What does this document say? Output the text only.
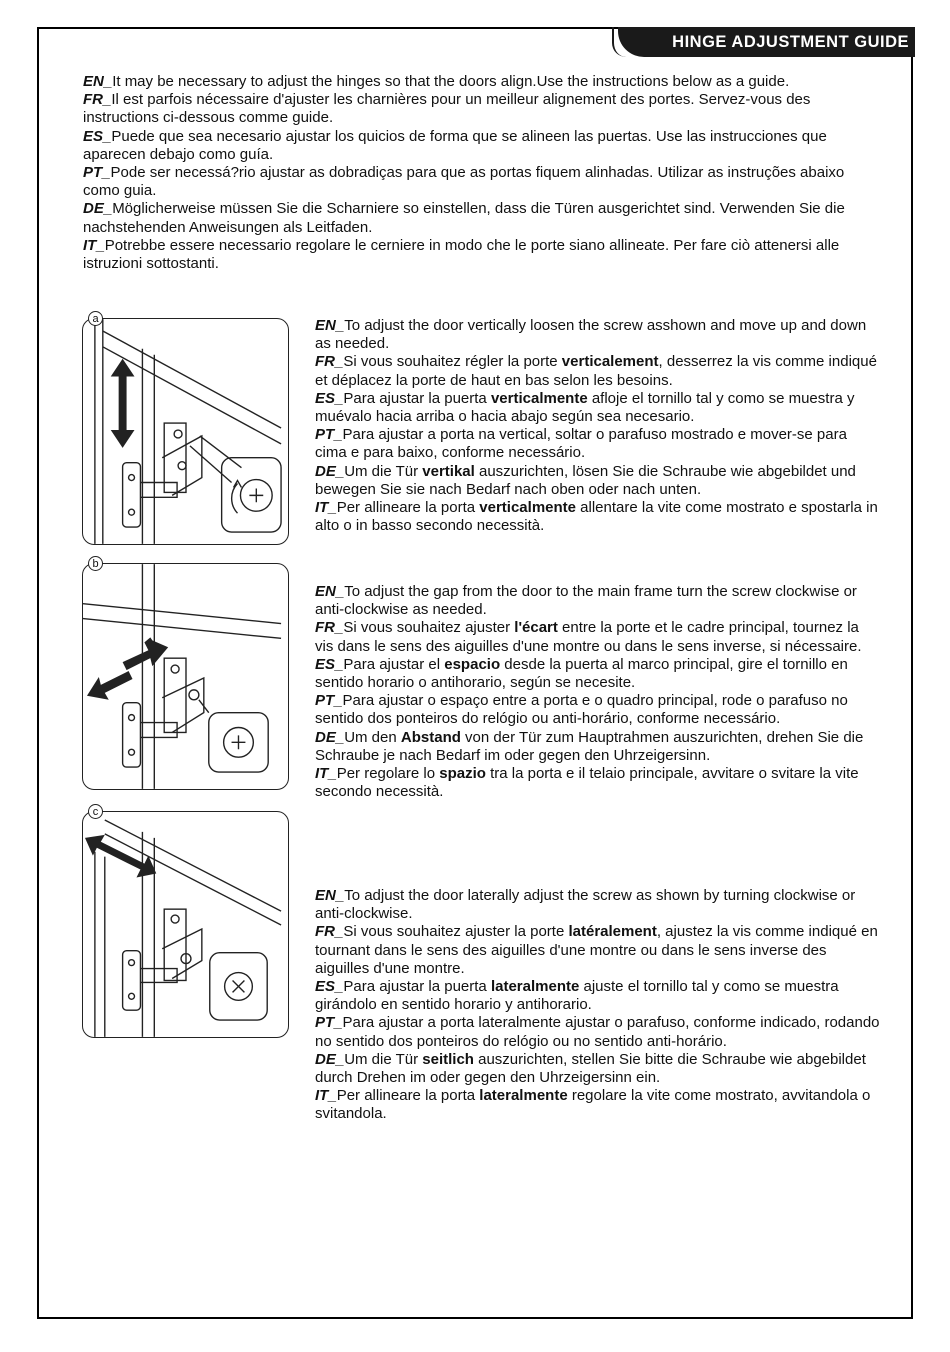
HINGE ADJUSTMENT GUIDE

EN_It may be necessary to adjust the hinges so that the doors align.Use the instructions below as a guide.

FR_Il est parfois nécessaire d'ajuster les charnières pour un meilleur alignement des portes. Servez-vous des instructions ci-dessous comme guide.

ES_Puede que sea necesario ajustar los quicios de forma que se alineen las puertas. Use las instrucciones que aparecen debajo como guía.

PT_Pode ser necessá?rio ajustar as dobradiças para que as portas fiquem alinhadas. Utilizar as instruções abaixo como guia.

DE_Möglicherweise müssen Sie die Scharniere so einstellen, dass die Türen ausgerichtet sind. Verwenden Sie die nachstehenden Anweisungen als Leitfaden.

IT_Potrebbe essere necessario regolare le cerniere in modo che le porte siano allineate. Per fare ciò attenersi alle istruzioni sottostanti.

a	EN_To adjust the door vertically loosen the screw asshown and move up and down as needed.

FR_Si vous souhaitez régler la porte verticalement, desserrez la vis comme indiqué et déplacez la porte de haut en bas selon les besoins.

ES_Para ajustar la puerta verticalmente afloje el tornillo tal y como se muestra y muévalo hacia arriba o hacia abajo según sea necesario.

PT_Para ajustar a porta na vertical, soltar o parafuso mostrado e mover-se para cima e para baixo, conforme necessário.

DE_Um die Tür vertikal auszurichten, lösen Sie die Schraube wie abgebildet und bewegen Sie sie nach Bedarf nach oben oder nach unten.

IT_Per allineare la porta verticalmente allentare la vite come mostrato e spostarla in alto o in basso secondo necessità.

b

EN_To adjust the gap from the door to the main frame turn the screw clockwise or anti-clockwise as needed.

FR_Si vous souhaitez ajuster l'écart entre la porte et le cadre principal, tournez la vis dans le sens des aiguilles d'une montre ou dans le sens inverse, si nécessaire.

ES_Para ajustar el espacio desde la puerta al marco principal, gire el tornillo en sentido horario o antihorario, según se necesite.

PT_Para ajustar o espaço entre a porta e o quadro principal, rode o parafuso no sentido dos ponteiros do relógio ou anti-horário, conforme necessário.

DE_Um den Abstand von der Tür zum Hauptrahmen auszurichten, drehen Sie die Schraube je nach Bedarf im oder gegen den Uhrzeigersinn.

IT_Per regolare lo spazio tra la porta e il telaio principale, avvitare o svitare la vite secondo necessità.

c

EN_To adjust the door laterally adjust the screw as shown by turning clockwise or anti-clockwise.

FR_Si vous souhaitez ajuster la porte latéralement, ajustez la vis comme indiqué en tournant dans le sens des aiguilles d'une montre ou dans le sens inverse des aiguilles d'une montre.

ES_Para ajustar la puerta lateralmente ajuste el tornillo tal y como se muestra girándolo en sentido horario y antihorario.

PT_Para ajustar a porta lateralmente ajustar o parafuso, conforme indicado, rodando no sentido dos ponteiros do relógio ou no sentido anti-horário.

DE_Um die Tür seitlich auszurichten, stellen Sie bitte die Schraube wie abgebildet durch Drehen im oder gegen den Uhrzeigersinn ein.

IT_Per allineare la porta lateralmente regolare la vite come mostrato, avvitandola o svitandola.
